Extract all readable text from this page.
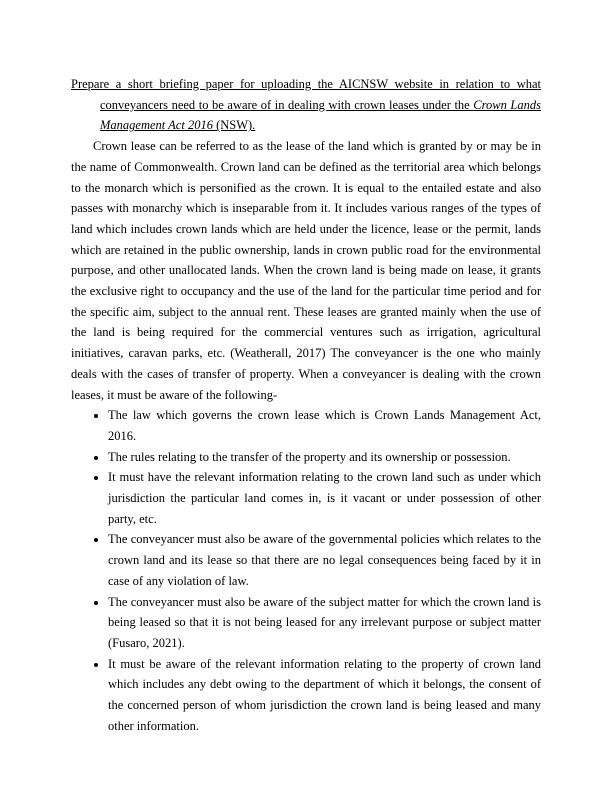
Prepare a short briefing paper for uploading the AICNSW website in relation to what conveyancers need to be aware of in dealing with crown leases under the Crown Lands Management Act 2016 (NSW).

Crown lease can be referred to as the lease of the land which is granted by or may be in the name of Commonwealth. Crown land can be defined as the territorial area which belongs to the monarch which is personified as the crown. It is equal to the entailed estate and also passes with monarchy which is inseparable from it. It includes various ranges of the types of land which includes crown lands which are held under the licence, lease or the permit, lands which are retained in the public ownership, lands in crown public road for the environmental purpose, and other unallocated lands. When the crown land is being made on lease, it grants the exclusive right to occupancy and the use of the land for the particular time period and for the specific aim, subject to the annual rent. These leases are granted mainly when the use of the land is being required for the commercial ventures such as irrigation, agricultural initiatives, caravan parks, etc. (Weatherall, 2017) The conveyancer is the one who mainly deals with the cases of transfer of property. When a conveyancer is dealing with the crown leases, it must be aware of the following-

• The law which governs the crown lease which is Crown Lands Management Act, 2016.
• The rules relating to the transfer of the property and its ownership or possession.
• It must have the relevant information relating to the crown land such as under which jurisdiction the particular land comes in, is it vacant or under possession of other party, etc.
• The conveyancer must also be aware of the governmental policies which relates to the crown land and its lease so that there are no legal consequences being faced by it in case of any violation of law.
• The conveyancer must also be aware of the subject matter for which the crown land is being leased so that it is not being leased for any irrelevant purpose or subject matter (Fusaro, 2021).
• It must be aware of the relevant information relating to the property of crown land which includes any debt owing to the department of which it belongs, the consent of the concerned person of whom jurisdiction the crown land is being leased and many other information.
